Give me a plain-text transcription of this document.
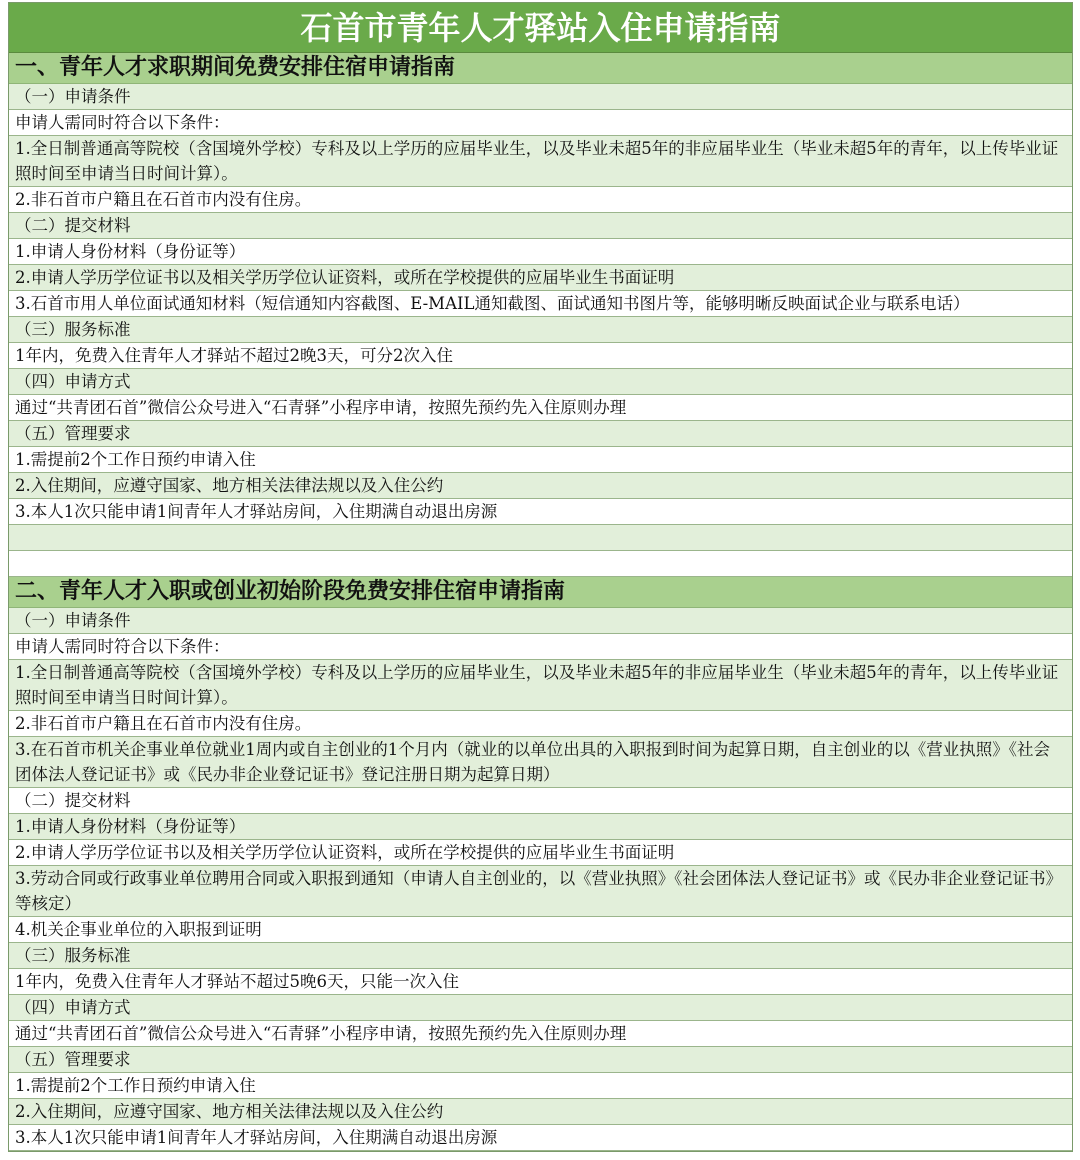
石首市青年人才驿站入住申请指南
一、青年人才求职期间免费安排住宿申请指南
（一）申请条件
申请人需同时符合以下条件：
1.全日制普通高等院校（含国境外学校）专科及以上学历的应届毕业生，以及毕业未超5年的非应届毕业生（毕业未超5年的青年，以上传毕业证照时间至申请当日时间计算）。
2.非石首市户籍且在石首市内没有住房。
（二）提交材料
1.申请人身份材料（身份证等）
2.申请人学历学位证书以及相关学历学位认证资料，或所在学校提供的应届毕业生书面证明
3.石首市用人单位面试通知材料（短信通知内容截图、E-MAIL通知截图、面试通知书图片等，能够明晰反映面试企业与联系电话）
（三）服务标准
1年内，免费入住青年人才驿站不超过2晚3天，可分2次入住
（四）申请方式
通过“共青团石首”微信公众号进入“石青驿”小程序申请，按照先预约先入住原则办理
（五）管理要求
1.需提前2个工作日预约申请入住
2.入住期间，应遵守国家、地方相关法律法规以及入住公约
3.本人1次只能申请1间青年人才驿站房间，入住期满自动退出房源
二、青年人才入职或创业初始阶段免费安排住宿申请指南
（一）申请条件
申请人需同时符合以下条件：
1.全日制普通高等院校（含国境外学校）专科及以上学历的应届毕业生，以及毕业未超5年的非应届毕业生（毕业未超5年的青年，以上传毕业证照时间至申请当日时间计算）。
2.非石首市户籍且在石首市内没有住房。
3.在石首市机关企事业单位就业1周内或自主创业的1个月内（就业的以单位出具的入职报到时间为起算日期，自主创业的以《营业执照》《社会团体法人登记证书》或《民办非企业登记证书》登记注册日期为起算日期）
（二）提交材料
1.申请人身份材料（身份证等）
2.申请人学历学位证书以及相关学历学位认证资料，或所在学校提供的应届毕业生书面证明
3.劳动合同或行政事业单位聘用合同或入职报到通知（申请人自主创业的，以《营业执照》《社会团体法人登记证书》或《民办非企业登记证书》等核定）
4.机关企事业单位的入职报到证明
（三）服务标准
1年内，免费入住青年人才驿站不超过5晚6天，只能一次入住
（四）申请方式
通过“共青团石首”微信公众号进入“石青驿”小程序申请，按照先预约先入住原则办理
（五）管理要求
1.需提前2个工作日预约申请入住
2.入住期间，应遵守国家、地方相关法律法规以及入住公约
3.本人1次只能申请1间青年人才驿站房间，入住期满自动退出房源
